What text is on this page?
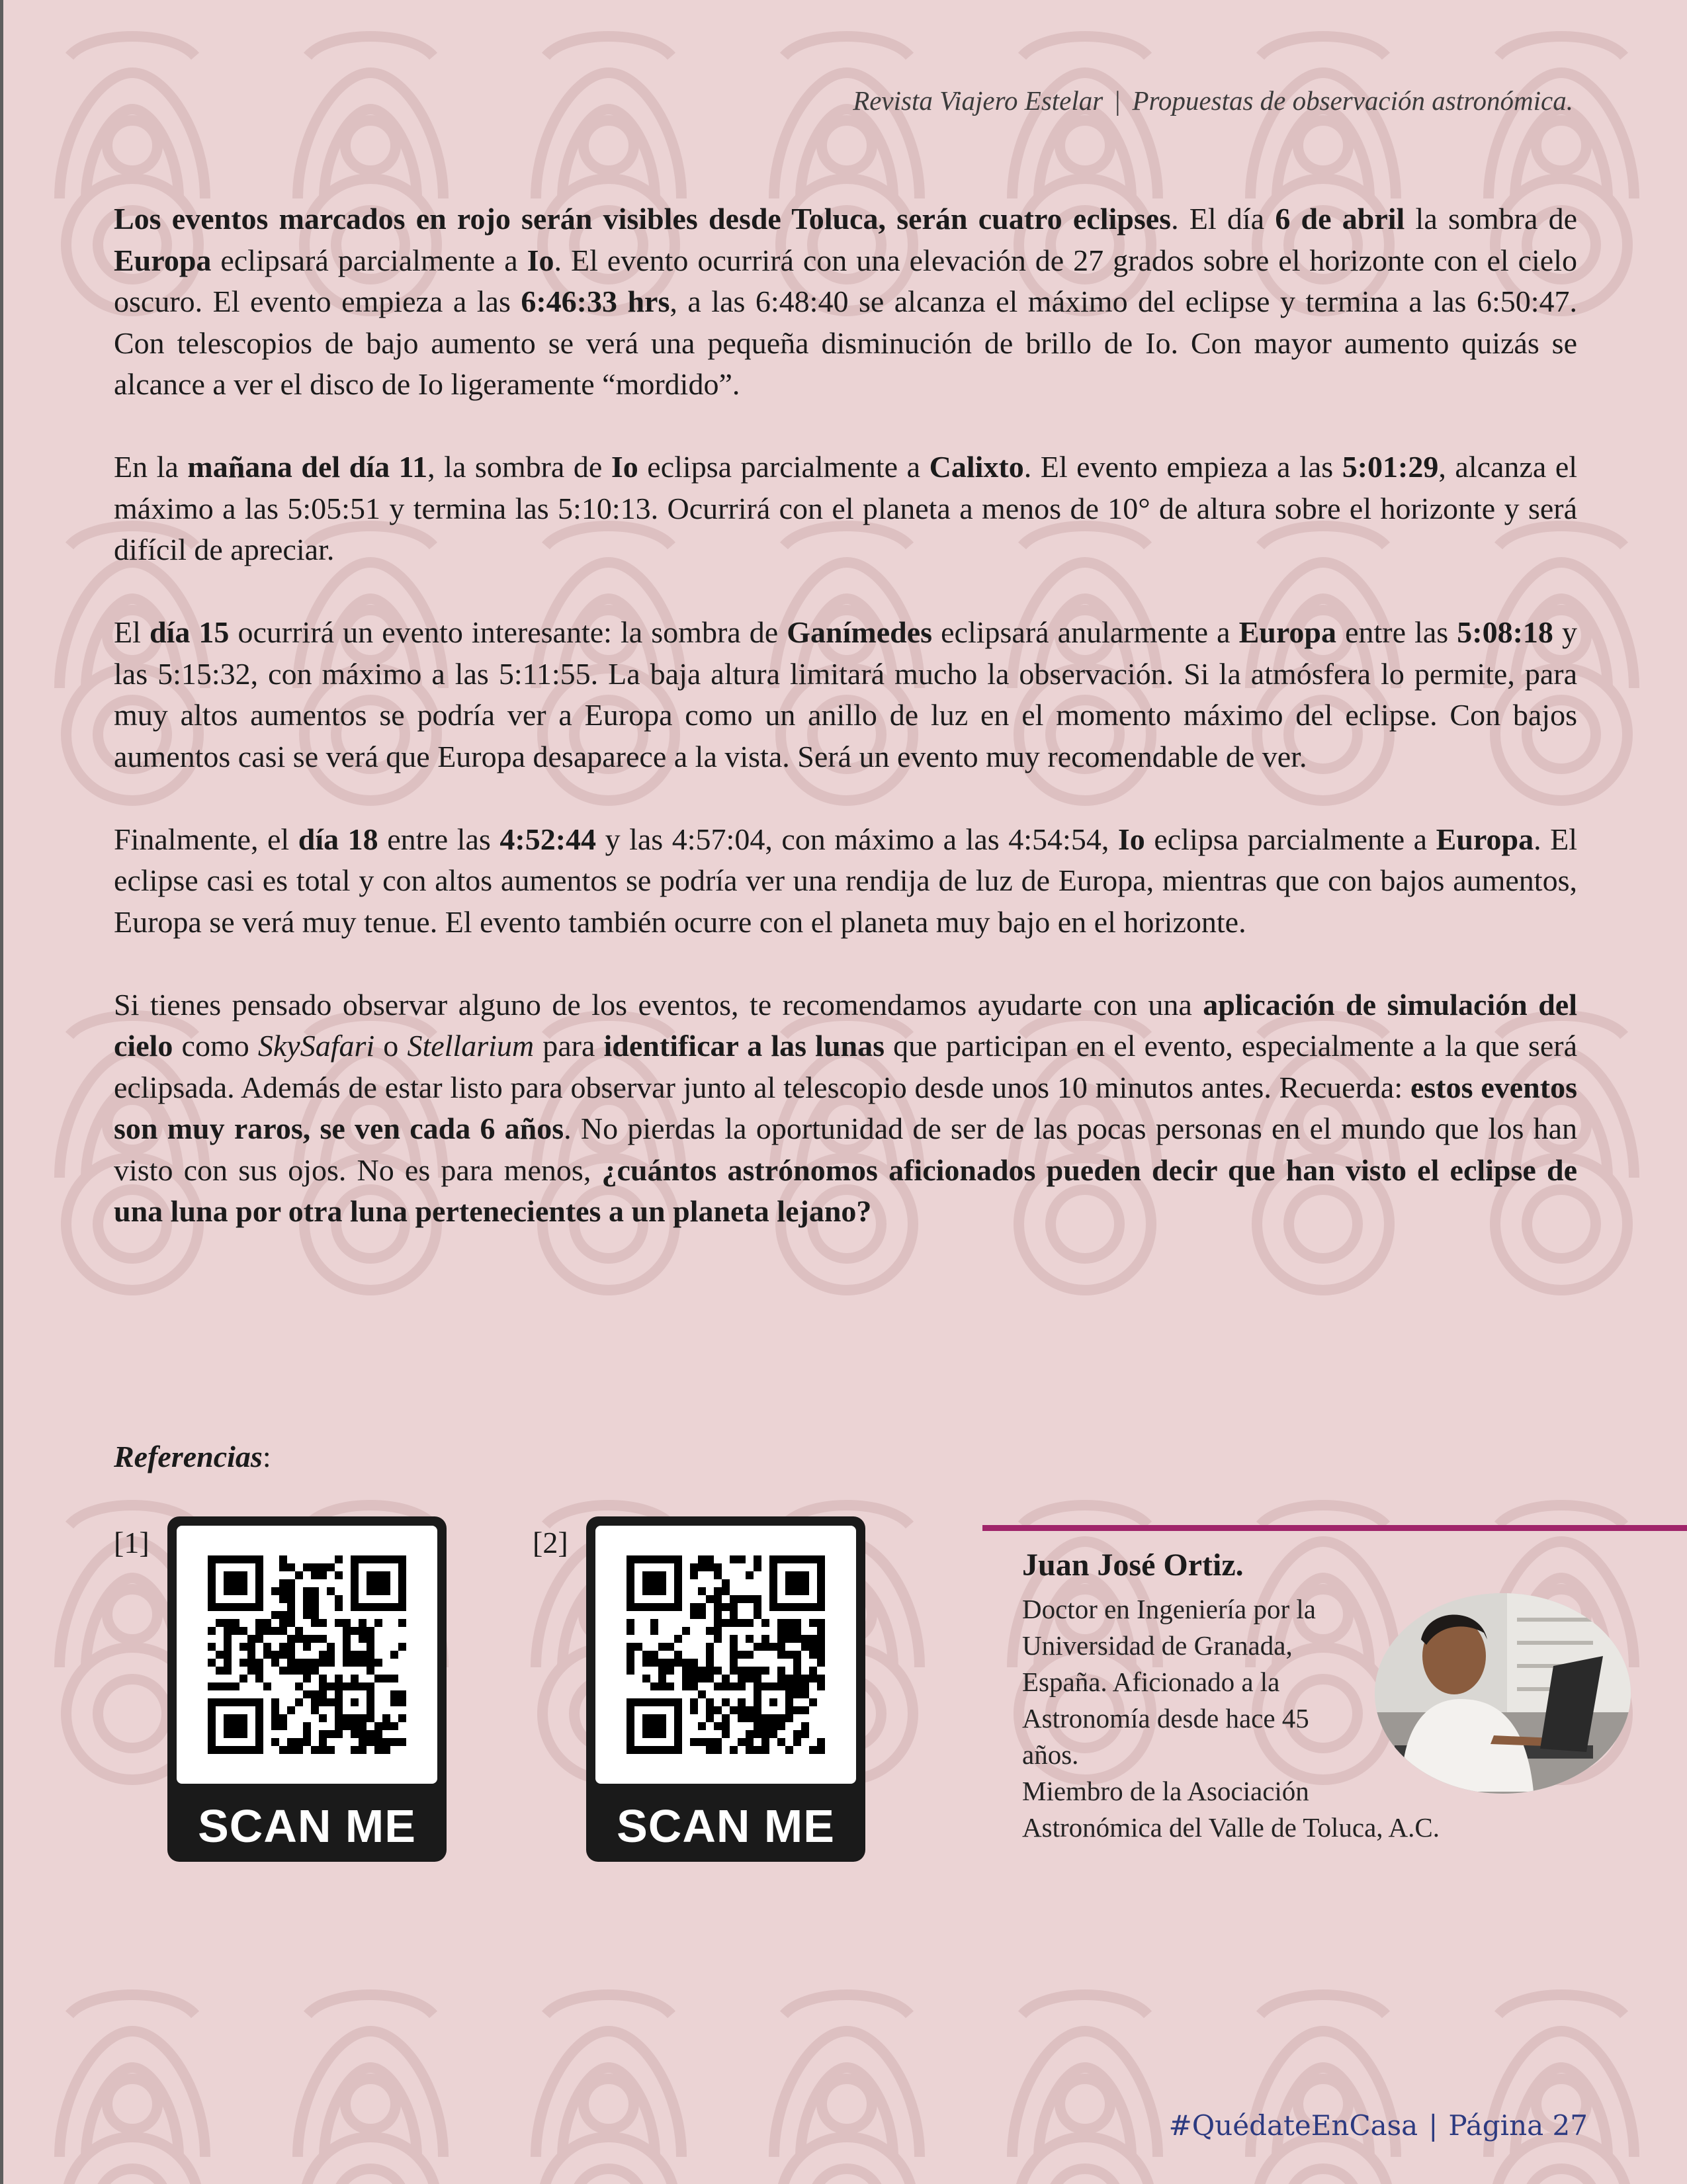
Revista Viajero Estelar | Propuestas de observación astronómica.

Los eventos marcados en rojo serán visibles desde Toluca, serán cuatro eclipses. El día 6 de abril la sombra de Europa eclipsará parcialmente a Io. El evento ocurrirá con una elevación de 27 grados sobre el horizonte con el cielo oscuro. El evento empieza a las 6:46:33 hrs, a las 6:48:40 se alcanza el máximo del eclipse y termina a las 6:50:47. Con telescopios de bajo aumento se verá una pequeña disminución de brillo de Io. Con mayor aumento quizás se alcance a ver el disco de Io ligeramente “mordido”.

En la mañana del día 11, la sombra de Io eclipsa parcialmente a Calixto. El evento empieza a las 5:01:29, alcanza el máximo a las 5:05:51 y termina las 5:10:13. Ocurrirá con el planeta a menos de 10° de altura sobre el horizonte y será difícil de apreciar.

El día 15 ocurrirá un evento interesante: la sombra de Ganímedes eclipsará anularmente a Europa entre las 5:08:18 y las 5:15:32, con máximo a las 5:11:55. La baja altura limitará mucho la observación. Si la atmósfera lo permite, para muy altos aumentos se podría ver a Europa como un anillo de luz en el momento máximo del eclipse. Con bajos aumentos casi se verá que Europa desaparece a la vista. Será un evento muy recomendable de ver.

Finalmente, el día 18 entre las 4:52:44 y las 4:57:04, con máximo a las 4:54:54, Io eclipsa parcialmente a Europa. El eclipse casi es total y con altos aumentos se podría ver una rendija de luz de Europa, mientras que con bajos aumentos, Europa se verá muy tenue. El evento también ocurre con el planeta muy bajo en el horizonte.

Si tienes pensado observar alguno de los eventos, te recomendamos ayudarte con una aplicación de simulación del cielo como SkySafari o Stellarium para identificar a las lunas que participan en el evento, especialmente a la que será eclipsada. Además de estar listo para observar junto al telescopio desde unos 10 minutos antes. Recuerda: estos eventos son muy raros, se ven cada 6 años. No pierdas la oportunidad de ser de las pocas personas en el mundo que los han visto con sus ojos. No es para menos, ¿cuántos astrónomos aficionados pueden decir que han visto el eclipse de una luna por otra luna pertenecientes a un planeta lejano?

Referencias:
[1]
SCAN ME
[2]
SCAN ME
Juan José Ortiz.
Doctor en Ingeniería por la
Universidad de Granada,
España. Aficionado a la
Astronomía desde hace 45
años.
Miembro de la Asociación
Astronómica del Valle de Toluca, A.C.
#QuédateEnCasa | Página 27
